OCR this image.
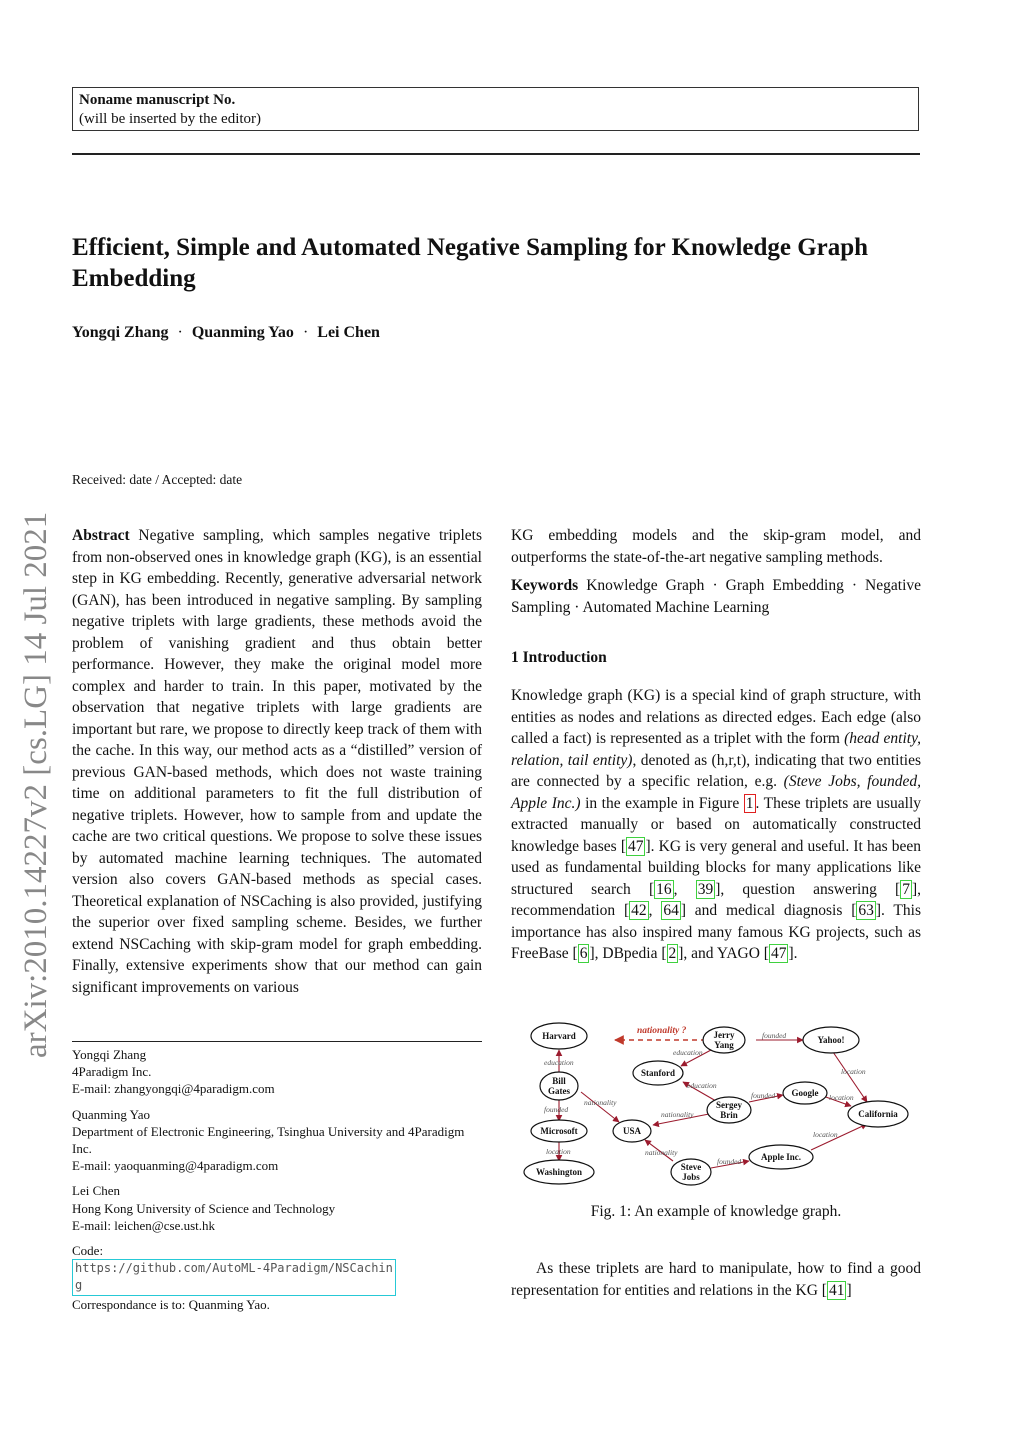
Noname manuscript No.
(will be inserted by the editor)
Efficient, Simple and Automated Negative Sampling for Knowledge Graph Embedding
Yongqi Zhang · Quanming Yao · Lei Chen
Received: date / Accepted: date
arXiv:2010.14227v2 [cs.LG] 14 Jul 2021 Abstract Negative sampling, which samples negative triplets from non-observed ones in knowledge graph (KG), is an essential step in KG embedding. Recently, generative adversarial network (GAN), has been introduced in negative sampling. By sampling negative triplets with large gradients, these methods avoid the problem of vanishing gradient and thus obtain better performance. However, they make the original model more complex and harder to train. In this paper, motivated by the observation that negative triplets with large gradients are important but rare, we propose to directly keep track of them with the cache. In this way, our method acts as a “distilled” version of previous GAN-based methods, which does not waste training time on additional parameters to fit the full distribution of negative triplets. However, how to sample from and update the cache are two critical questions. We propose to solve these issues by automated machine learning techniques. The automated version also covers GAN-based methods as special cases. Theoretical explanation of NSCaching is also provided, justifying the superior over fixed sampling scheme. Besides, we further extend NSCaching with skip-gram model for graph embedding. Finally, extensive experiments show that our method can gain significant improvements on various

Yongqi Zhang
4Paradigm Inc.
E-mail: zhangyongqi@4paradigm.com
Quanming Yao
Department of Electronic Engineering, Tsinghua University and 4Paradigm Inc.
E-mail: yaoquanming@4paradigm.com
Lei Chen
Hong Kong University of Science and Technology
E-mail: leichen@cse.ust.hk
Code:
https://github.com/AutoML-4Paradigm/NSCaching
Correspondance is to: Quanming Yao.

KG embedding models and the skip-gram model, and outperforms the state-of-the-art negative sampling methods.

Keywords Knowledge Graph · Graph Embedding · Negative Sampling · Automated Machine Learning

1 Introduction

Knowledge graph (KG) is a special kind of graph structure, with entities as nodes and relations as directed edges. Each edge (also called a fact) is represented as a triplet with the form (head entity, relation, tail entity), denoted as (h,r,t), indicating that two entities are connected by a specific relation, e.g. (Steve Jobs, founded, Apple Inc.) in the example in Figure 1 . These triplets are usually extracted manually or based on automatically constructed knowledge bases [ 47 ]. KG is very general and useful. It has been used as fundamental building blocks for many applications like structured search [ 16 , 39 ], question answering [ 7 ], recommendation [ 42 , 64 ] and medical diagnosis [ 63 ]. This importance has also inspired many famous KG projects, such as FreeBase [ 6 ], DBpedia [ 2 ], and YAGO [ 47 ].

Harvard	Jerry
Yang	Yahoo!
Stanford
Bill
Gates	Google
Sergey
Brin	California
Microsoft	USA
Washington
Apple Inc.
Steve
Jobs
nationality ?	founded
education
location
education
education
founded	location
nationality
nationality
founded
location
location	nationality
founded
Fig. 1: An example of knowledge graph.

As these triplets are hard to manipulate, how to find a good representation for entities and relations in the KG [ 41 ]
